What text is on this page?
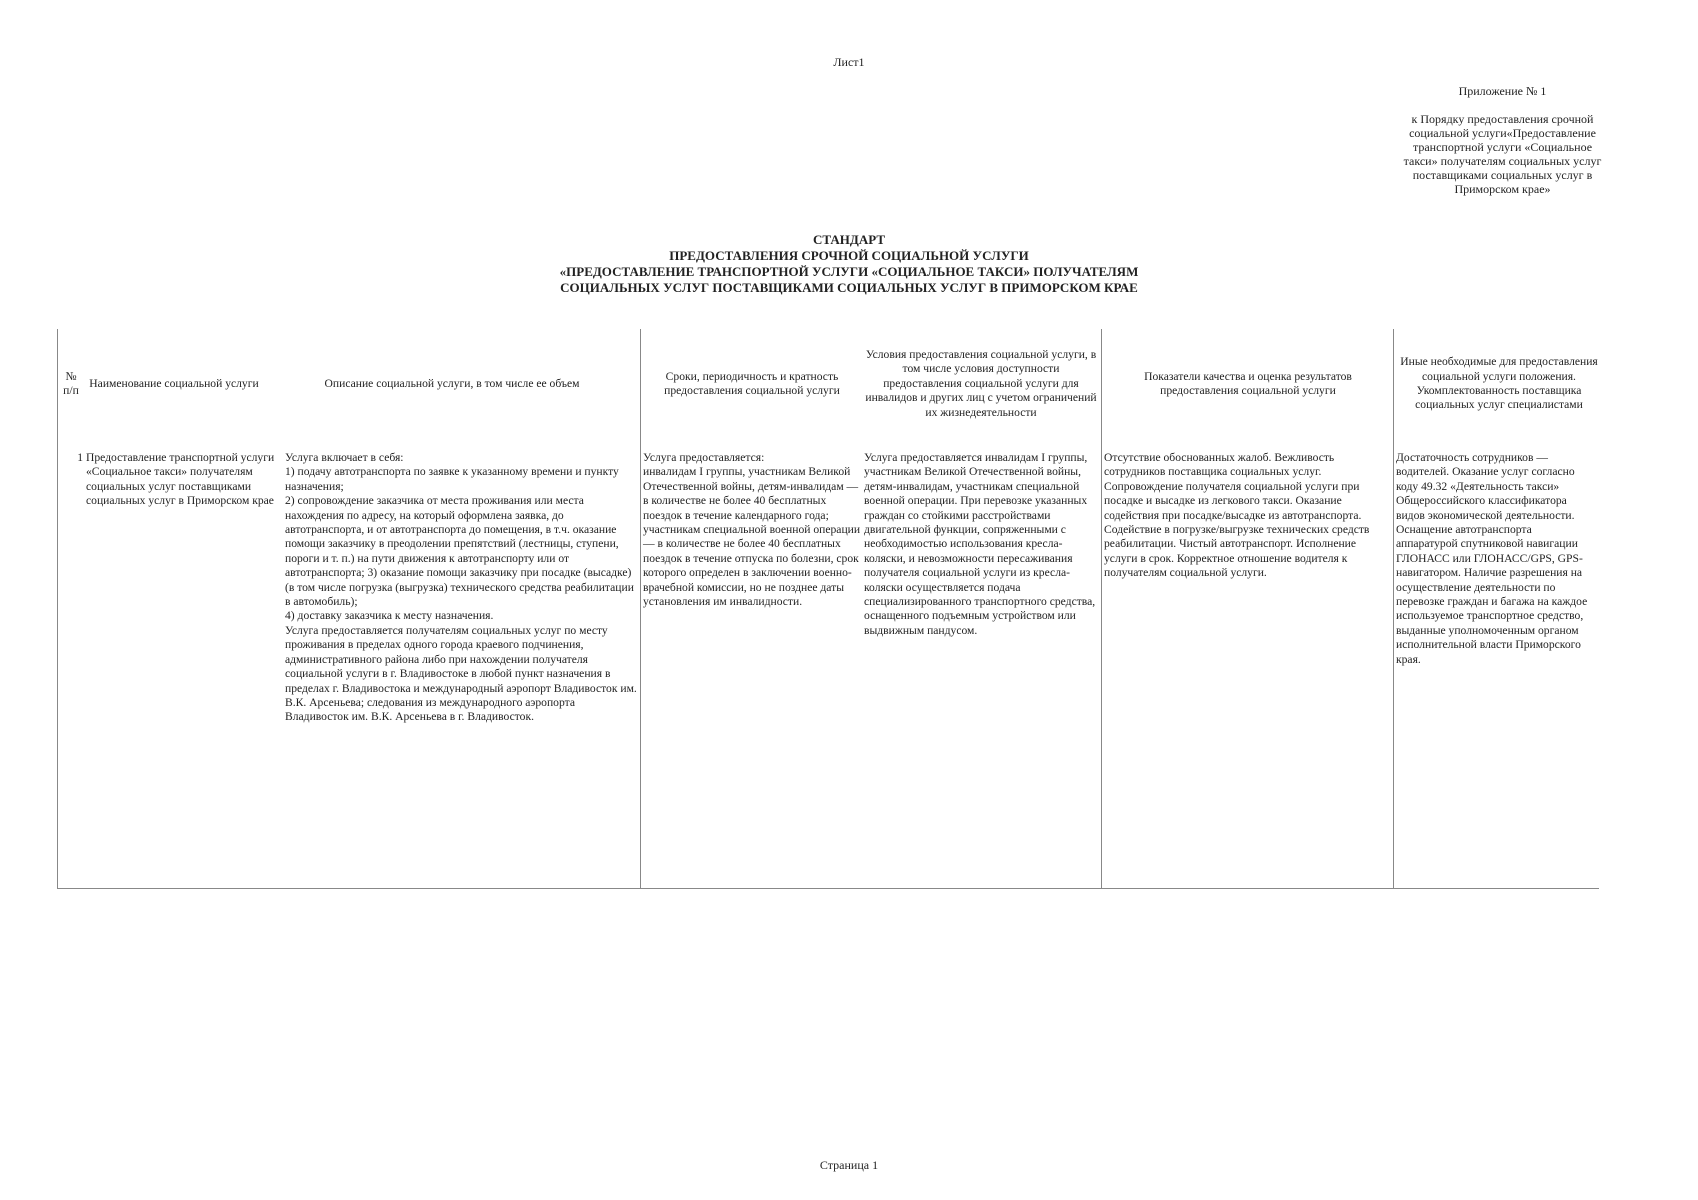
Лист1
Приложение № 1
к Порядку предоставления срочной социальной услуги«Предоставление транспортной услуги «Социальное такси» получателям социальных услуг поставщиками социальных услуг в Приморском крае»
СТАНДАРТ
ПРЕДОСТАВЛЕНИЯ СРОЧНОЙ СОЦИАЛЬНОЙ УСЛУГИ
«ПРЕДОСТАВЛЕНИЕ ТРАНСПОРТНОЙ УСЛУГИ «СОЦИАЛЬНОЕ ТАКСИ» ПОЛУЧАТЕЛЯМ
СОЦИАЛЬНЫХ УСЛУГ ПОСТАВЩИКАМИ СОЦИАЛЬНЫХ УСЛУГ В ПРИМОРСКОМ КРАЕ
№ п/п
Наименование социальной услуги	Описание социальной услуги, в том числе ее объем
Сроки, периодичность и кратность предоставления социальной услуги
Условия предоставления социальной услуги, в том числе условия доступности предоставления социальной услуги для инвалидов и других лиц с учетом ограничений их жизнедеятельности
Показатели качества и оценка результатов предоставления социальной услуги
Иные необходимые для предоставления социальной услуги положения. Укомплектованность поставщика социальных услуг специалистами
1 Предоставление транспортной услуги «Социальное такси» получателям социальных услуг поставщиками социальных услуг в Приморском крае
Услуга включает в себя:
1) подачу автотранспорта по заявке к указанному времени и пункту назначения;
2) сопровождение заказчика от места проживания или места нахождения по адресу, на который оформлена заявка, до автотранспорта, и от автотранспорта до помещения, в т.ч. оказание помощи заказчику в преодолении препятствий (лестницы, ступени, пороги и т. п.) на пути движения к автотранспорту или от автотранспорта; 3) оказание помощи заказчику при посадке (высадке) (в том числе погрузка (выгрузка) технического средства реабилитации в автомобиль);
4) доставку заказчика к месту назначения.
Услуга предоставляется получателям социальных услуг по месту проживания в пределах одного города краевого подчинения, административного района либо при нахождении получателя социальной услуги в г. Владивостоке в любой пункт назначения в пределах г. Владивостока и международный аэропорт Владивосток им. В.К. Арсеньева; следования из международного аэропорта Владивосток им. В.К. Арсеньева в г. Владивосток.
Услуга предоставляется:
инвалидам I группы, участникам Великой Отечественной войны, детям-инвалидам — в количестве не более 40 бесплатных поездок в течение календарного года;
участникам специальной военной операции — в количестве не более 40 бесплатных поездок в течение отпуска по болезни, срок которого определен в заключении военно-врачебной комиссии, но не позднее даты установления им инвалидности.
Услуга предоставляется инвалидам I группы, участникам Великой Отечественной войны, детям-инвалидам, участникам специальной военной операции. При перевозке указанных граждан со стойкими расстройствами двигательной функции, сопряженными с необходимостью использования кресла-коляски, и невозможности пересаживания получателя социальной услуги из кресла-коляски осуществляется подача специализированного транспортного средства, оснащенного подъемным устройством или выдвижным пандусом.
Отсутствие обоснованных жалоб. Вежливость сотрудников поставщика социальных услуг. Сопровождение получателя социальной услуги при посадке и высадке из легкового такси. Оказание содействия при посадке/высадке из автотранспорта. Содействие в погрузке/выгрузке технических средств реабилитации. Чистый автотранспорт. Исполнение услуги в срок. Корректное отношение водителя к получателям социальной услуги.
Достаточность сотрудников — водителей. Оказание услуг согласно коду 49.32 «Деятельность такси» Общероссийского классификатора видов экономической деятельности. Оснащение автотранспорта аппаратурой спутниковой навигации ГЛОНАСС или ГЛОНАСС/GPS, GPS-навигатором. Наличие разрешения на осуществление деятельности по перевозке граждан и багажа на каждое используемое транспортное средство, выданные уполномоченным органом исполнительной власти Приморского края.
Страница 1
